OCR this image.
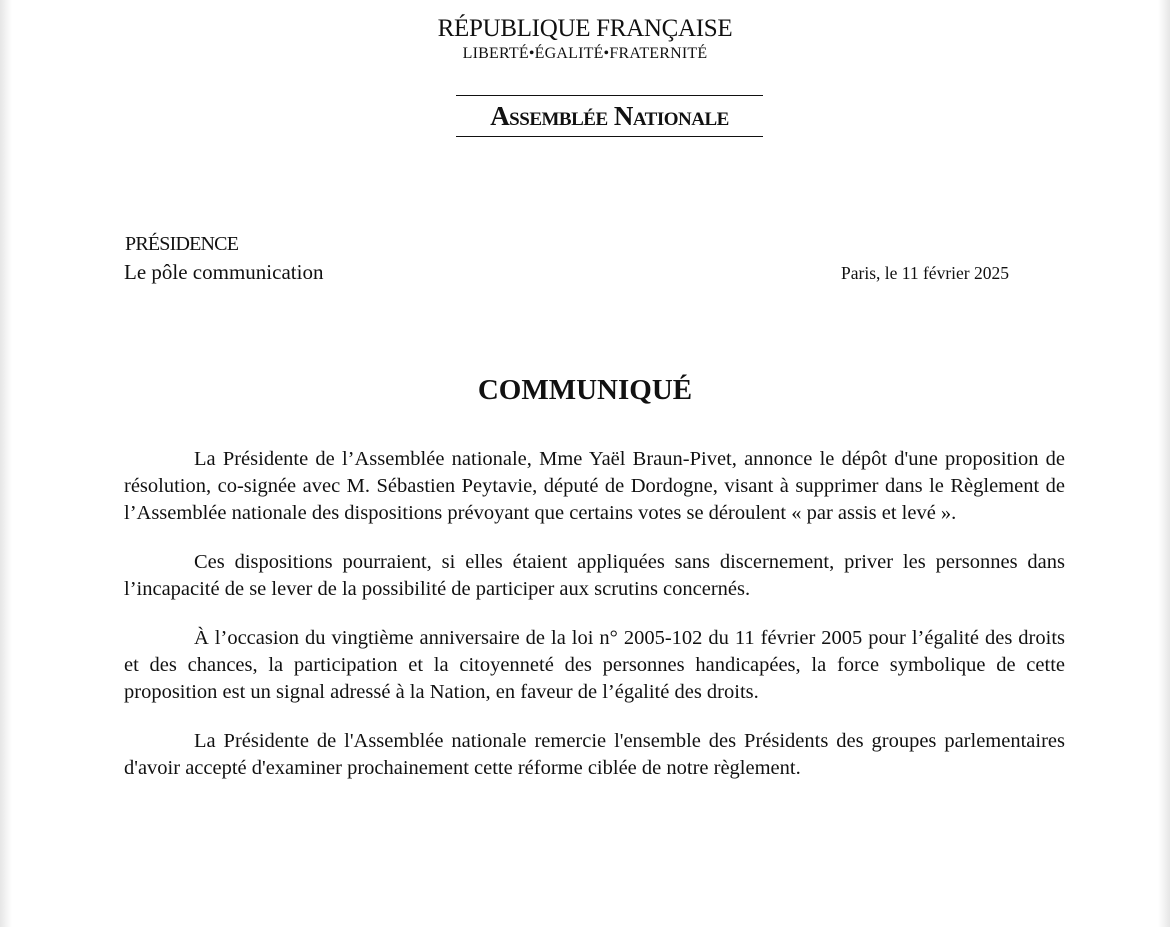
RÉPUBLIQUE FRANÇAISE
LIBERTÉ•ÉGALITÉ•FRATERNITÉ
Assemblée Nationale
PRÉSIDENCE
Le pôle communication	Paris, le 11 février 2025
COMMUNIQUÉ

La Présidente de l’Assemblée nationale, Mme Yaël Braun-Pivet, annonce le dépôt d'une proposition de résolution, co-signée avec M. Sébastien Peytavie, député de Dordogne, visant à supprimer dans le Règlement de l’Assemblée nationale des dispositions prévoyant que certains votes se déroulent « par assis et levé ».

Ces dispositions pourraient, si elles étaient appliquées sans discernement, priver les personnes dans l’incapacité de se lever de la possibilité de participer aux scrutins concernés.

À l’occasion du vingtième anniversaire de la loi n° 2005-102 du 11 février 2005 pour l’égalité des droits et des chances, la participation et la citoyenneté des personnes handicapées, la force symbolique de cette proposition est un signal adressé à la Nation, en faveur de l’égalité des droits.

La Présidente de l'Assemblée nationale remercie l'ensemble des Présidents des groupes parlementaires d'avoir accepté d'examiner prochainement cette réforme ciblée de notre règlement.
